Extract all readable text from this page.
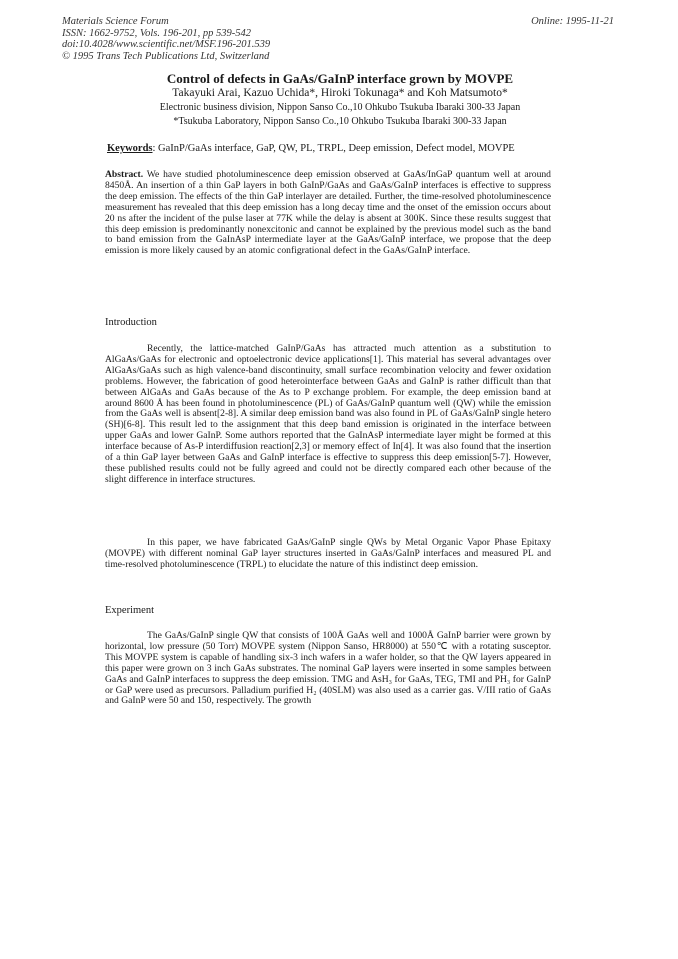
Materials Science Forum
ISSN: 1662-9752, Vols. 196-201, pp 539-542
doi:10.4028/www.scientific.net/MSF.196-201.539
© 1995 Trans Tech Publications Ltd, Switzerland
Online: 1995-11-21
Control of defects in GaAs/GaInP interface grown by MOVPE
Takayuki Arai, Kazuo Uchida*, Hiroki Tokunaga* and Koh Matsumoto*
Electronic business division, Nippon Sanso Co.,10 Ohkubo Tsukuba Ibaraki 300-33 Japan
*Tsukuba Laboratory, Nippon Sanso Co.,10 Ohkubo Tsukuba Ibaraki 300-33 Japan
Keywords: GaInP/GaAs interface, GaP, QW, PL, TRPL, Deep emission, Defect model, MOVPE
Abstract. We have studied photoluminescence deep emission observed at GaAs/InGaP quantum well at around 8450Å. An insertion of a thin GaP layers in both GaInP/GaAs and GaAs/GaInP interfaces is effective to suppress the deep emission. The effects of the thin GaP interlayer are detailed. Further, the time-resolved photoluminescence measurement has revealed that this deep emission has a long decay time and the onset of the emission occurs about 20 ns after the incident of the pulse laser at 77K while the delay is absent at 300K. Since these results suggest that this deep emission is predominantly nonexcitonic and cannot be explained by the previous model such as the band to band emission from the GaInAsP intermediate layer at the GaAs/GaInP interface, we propose that the deep emission is more likely caused by an atomic configrational defect in the GaAs/GaInP interface.
Introduction
Recently, the lattice-matched GaInP/GaAs has attracted much attention as a substitution to AlGaAs/GaAs for electronic and optoelectronic device applications[1]. This material has several advantages over AlGaAs/GaAs such as high valence-band discontinuity, small surface recombination velocity and fewer oxidation problems. However, the fabrication of good heterointerface between GaAs and GaInP is rather difficult than that between AlGaAs and GaAs because of the As to P exchange problem. For example, the deep emission band at around 8600 Å has been found in photoluminescence (PL) of GaAs/GaInP quantum well (QW) while the emission from the GaAs well is absent[2-8]. A similar deep emission band was also found in PL of GaAs/GaInP single hetero (SH)[6-8]. This result led to the assignment that this deep band emission is originated in the interface between upper GaAs and lower GaInP. Some authors reported that the GaInAsP intermediate layer might be formed at this interface because of As-P interdiffusion reaction[2,3] or memory effect of In[4]. It was also found that the insertion of a thin GaP layer between GaAs and GaInP interface is effective to suppress this deep emission[5-7]. However, these published results could not be fully agreed and could not be directly compared each other because of the slight difference in interface structures.
In this paper, we have fabricated GaAs/GaInP single QWs by Metal Organic Vapor Phase Epitaxy (MOVPE) with different nominal GaP layer structures inserted in GaAs/GaInP interfaces and measured PL and time-resolved photoluminescence (TRPL) to elucidate the nature of this indistinct deep emission.
Experiment
The GaAs/GaInP single QW that consists of 100Å GaAs well and 1000Å GaInP barrier were grown by horizontal, low pressure (50 Torr) MOVPE system (Nippon Sanso, HR8000) at 550℃ with a rotating susceptor. This MOVPE system is capable of handling six-3 inch wafers in a wafer holder, so that the QW layers appeared in this paper were grown on 3 inch GaAs substrates. The nominal GaP layers were inserted in some samples between GaAs and GaInP interfaces to suppress the deep emission. TMG and AsH₃ for GaAs, TEG, TMI and PH₃ for GaInP or GaP were used as precursors. Palladium purified H₂ (40SLM) was also used as a carrier gas. V/III ratio of GaAs and GaInP were 50 and 150, respectively. The growth
